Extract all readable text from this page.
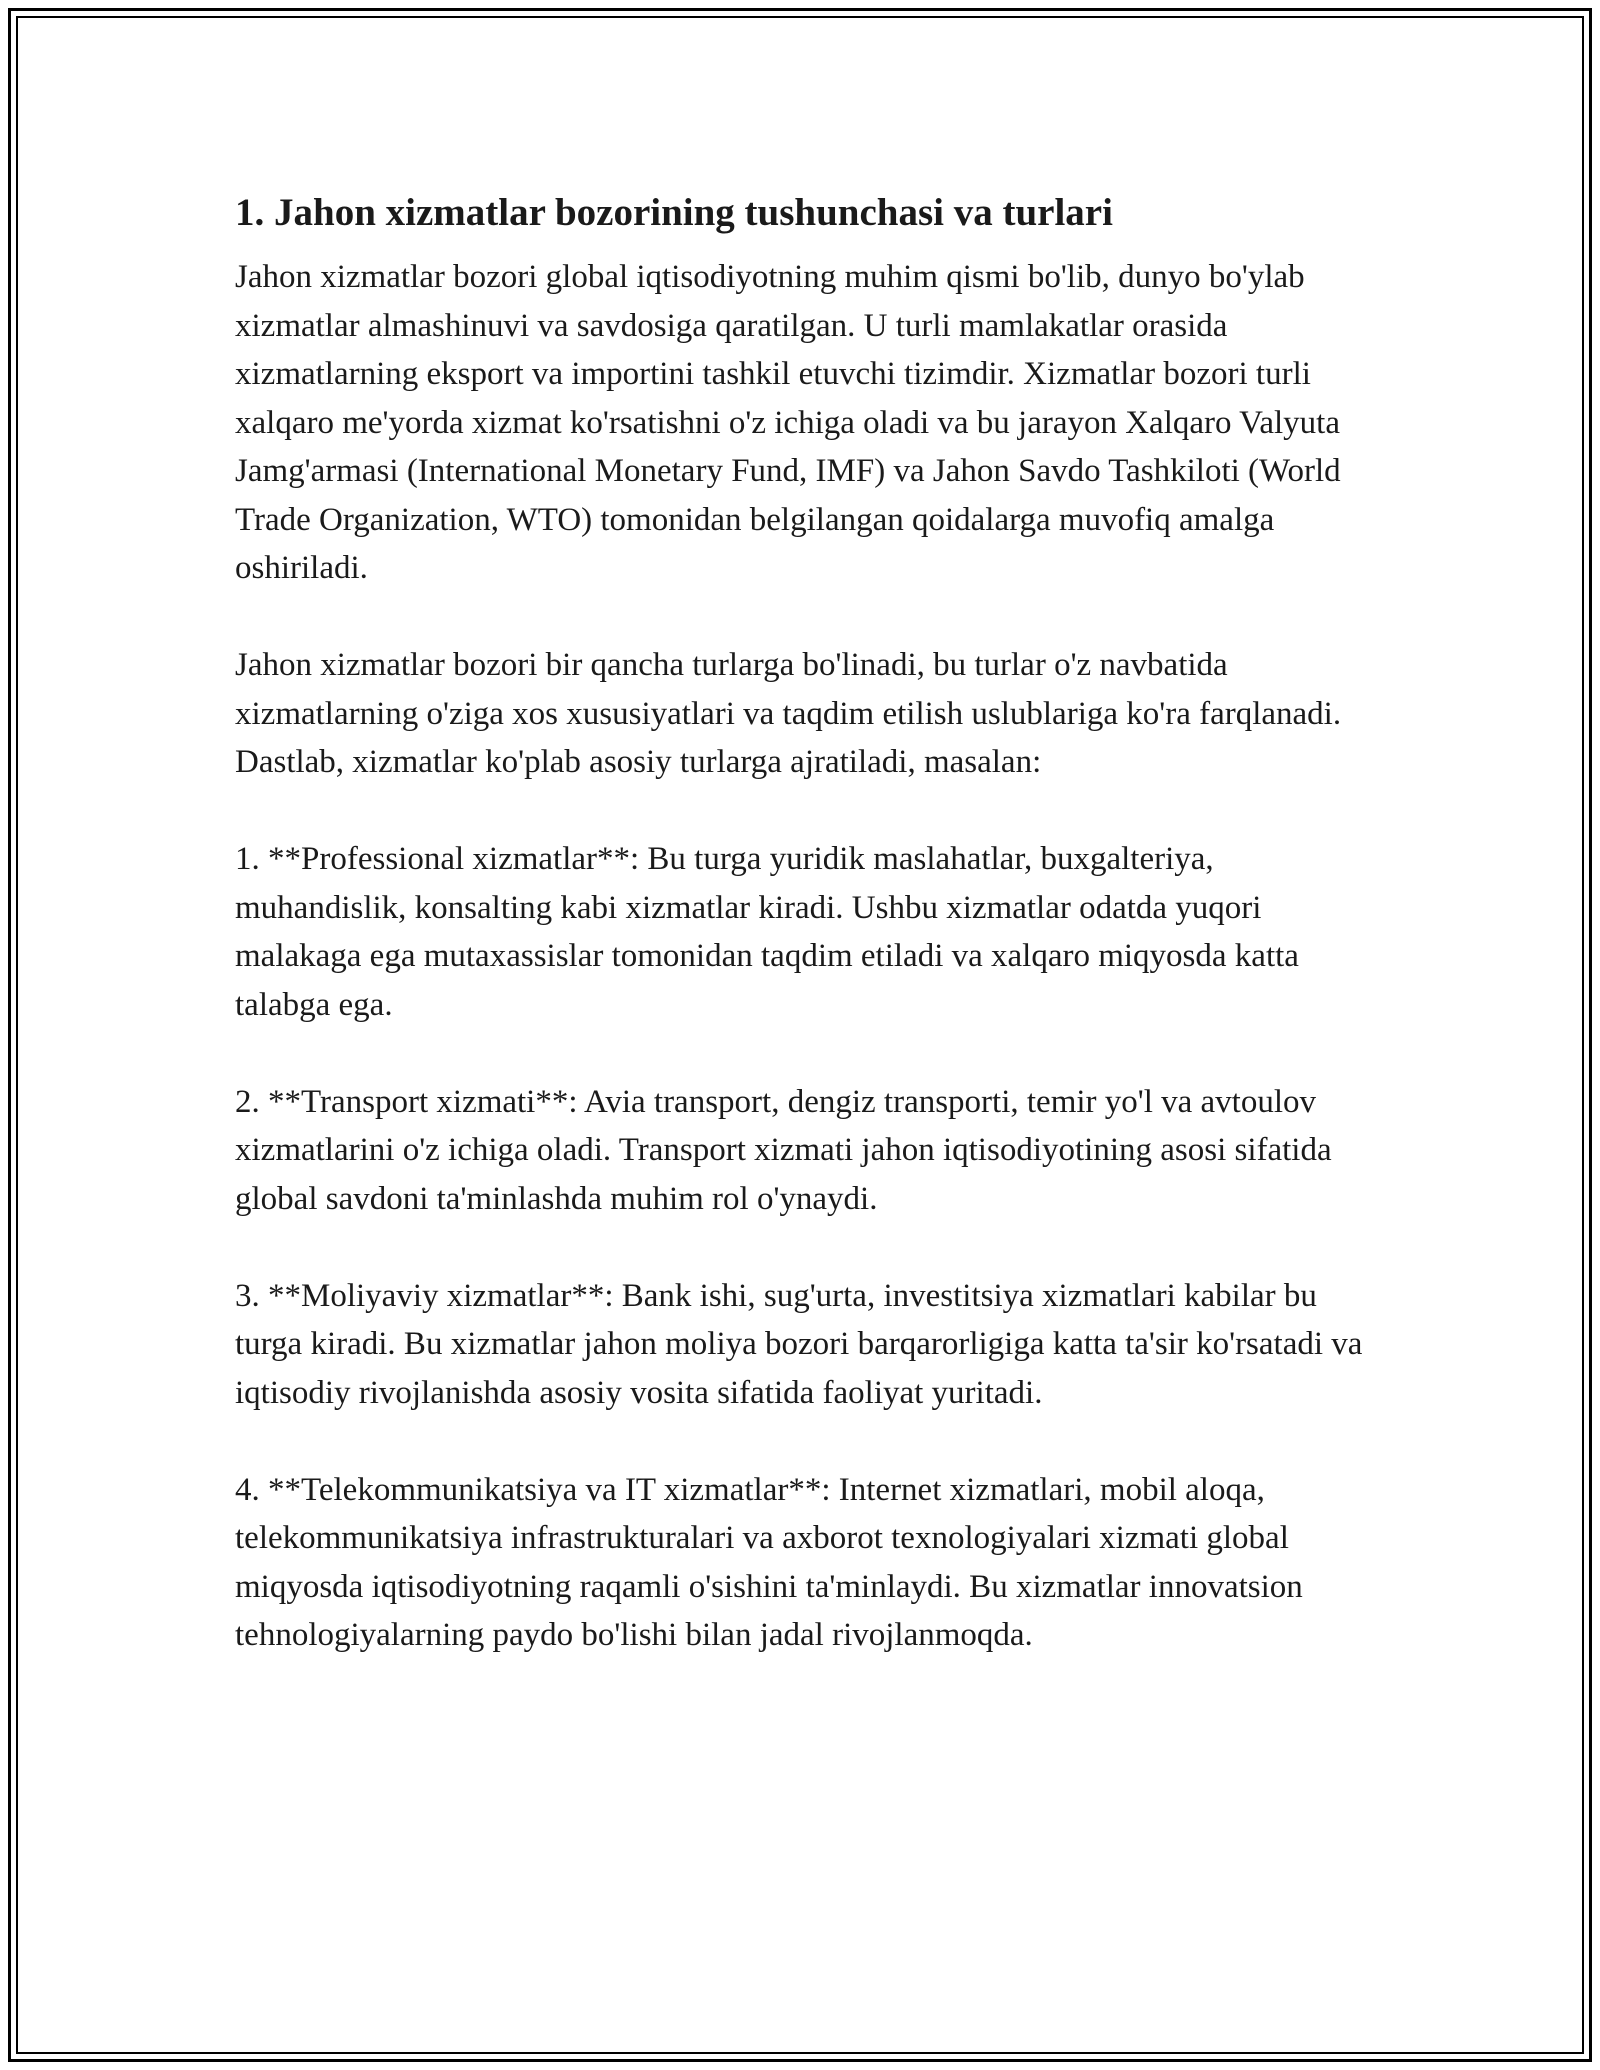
1. Jahon xizmatlar bozorining tushunchasi va turlari

Jahon xizmatlar bozori global iqtisodiyotning muhim qismi bo'lib, dunyo bo'ylab xizmatlar almashinuvi va savdosiga qaratilgan. U turli mamlakatlar orasida xizmatlarning eksport va importini tashkil etuvchi tizimdir. Xizmatlar bozori turli xalqaro me'yorda xizmat ko'rsatishni o'z ichiga oladi va bu jarayon Xalqaro Valyuta Jamg'armasi (International Monetary Fund, IMF) va Jahon Savdo Tashkiloti (World Trade Organization, WTO) tomonidan belgilangan qoidalarga muvofiq amalga oshiriladi.

Jahon xizmatlar bozori bir qancha turlarga bo'linadi, bu turlar o'z navbatida xizmatlarning o'ziga xos xususiyatlari va taqdim etilish uslublariga ko'ra farqlanadi. Dastlab, xizmatlar ko'plab asosiy turlarga ajratiladi, masalan:

1. **Professional xizmatlar**: Bu turga yuridik maslahatlar, buxgalteriya, muhandislik, konsalting kabi xizmatlar kiradi. Ushbu xizmatlar odatda yuqori malakaga ega mutaxassislar tomonidan taqdim etiladi va xalqaro miqyosda katta talabga ega.

2. **Transport xizmati**: Avia transport, dengiz transporti, temir yo'l va avtoulov xizmatlarini o'z ichiga oladi. Transport xizmati jahon iqtisodiyotining asosi sifatida global savdoni ta'minlashda muhim rol o'ynaydi.

3. **Moliyaviy xizmatlar**: Bank ishi, sug'urta, investitsiya xizmatlari kabilar bu turga kiradi. Bu xizmatlar jahon moliya bozori barqarorligiga katta ta'sir ko'rsatadi va iqtisodiy rivojlanishda asosiy vosita sifatida faoliyat yuritadi.

4. **Telekommunikatsiya va IT xizmatlar**: Internet xizmatlari, mobil aloqa, telekommunikatsiya infrastrukturalari va axborot texnologiyalari xizmati global miqyosda iqtisodiyotning raqamli o'sishini ta'minlaydi. Bu xizmatlar innovatsion tehnologiyalarning paydo bo'lishi bilan jadal rivojlanmoqda.
